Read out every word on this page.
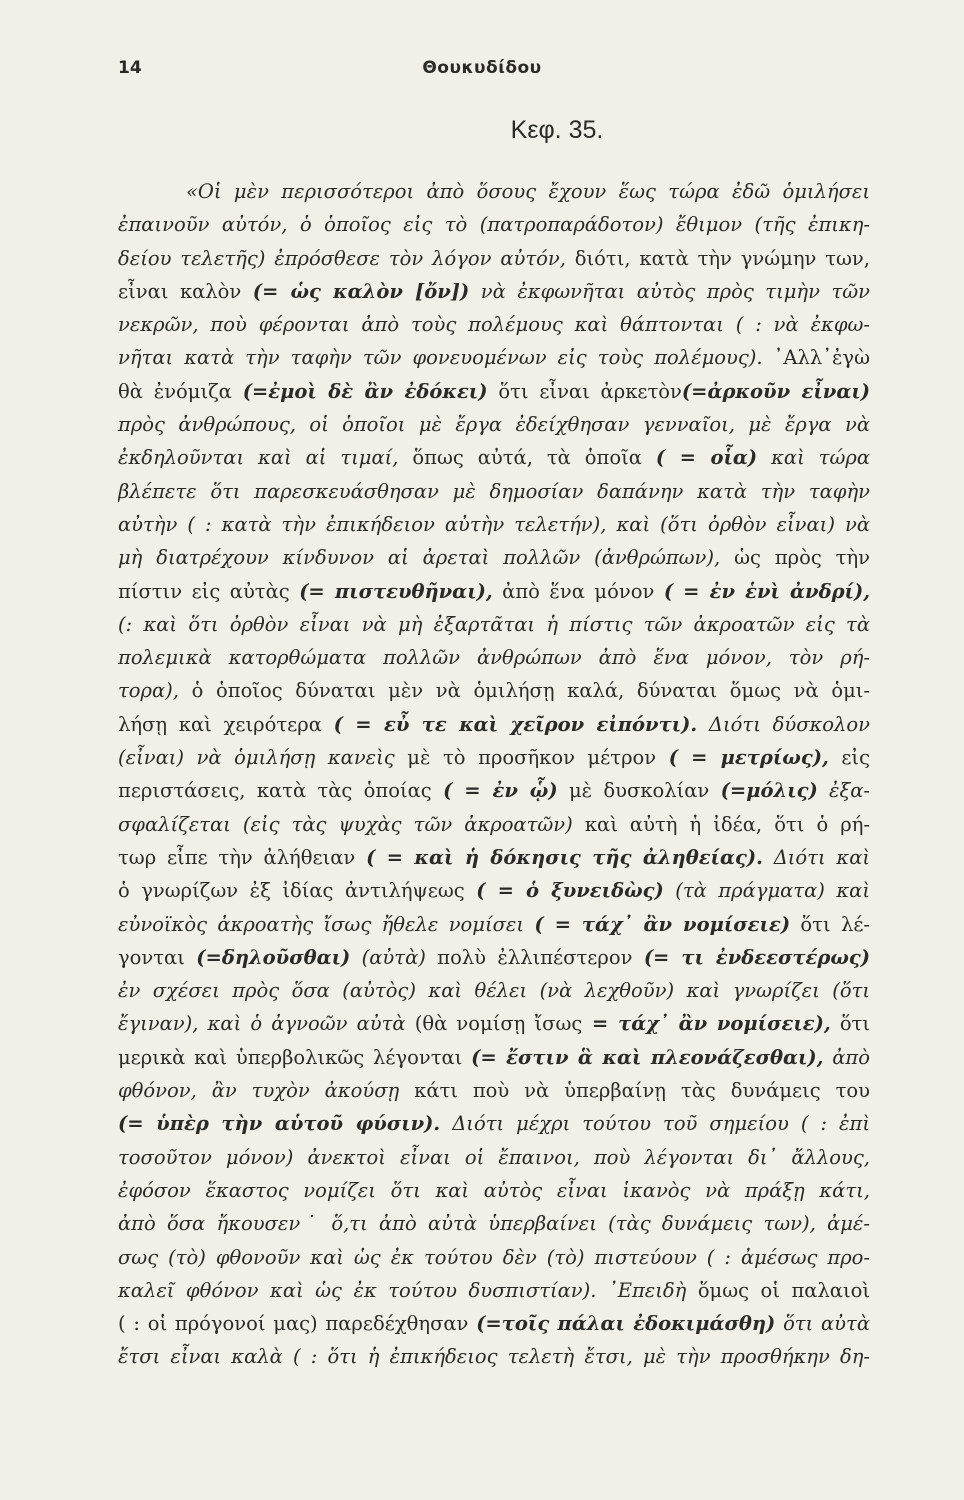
14	Θουκυδίδου
Κεφ. 35.
«Οἱ μὲν περισσότεροι ἀπὸ ὅσους ἔχουν ἕως τώρα ἐδῶ ὁμιλήσει
ἐπαινοῦν αὐτόν, ὁ ὁποῖος εἰς τὸ (πατροπαράδοτον) ἔθιμον (τῆς ἐπικη-
δείου τελετῆς) ἐπρόσθεσε τὸν λόγον αὐτόν, διότι, κατὰ τὴν γνώμην των,
εἶναι καλὸν (= ὡς καλὸν [ὄν]) νὰ ἐκφωνῆται αὐτὸς πρὸς τιμὴν τῶν
νεκρῶν, ποὺ φέρονται ἀπὸ τοὺς πολέμους καὶ θάπτονται ( : νὰ ἐκφω-
νῆται κατὰ τὴν ταφὴν τῶν φονευομένων εἰς τοὺς πολέμους). ᾿Αλλ᾿ἐγὼ
θὰ ἐνόμιζα (=ἐμοὶ δὲ ἂν ἐδόκει) ὅτι εἶναι ἀρκετὸν(=ἀρκοῦν εἶναι)
πρὸς ἀνθρώπους, οἱ ὁποῖοι μὲ ἔργα ἐδείχθησαν γενναῖοι, μὲ ἔργα νὰ
ἐκδηλοῦνται καὶ αἱ τιμαί, ὅπως αὐτά, τὰ ὁποῖα ( = οἷα) καὶ τώρα
βλέπετε ὅτι παρεσκευάσθησαν μὲ δημοσίαν δαπάνην κατὰ τὴν ταφὴν
αὐτὴν ( : κατὰ τὴν ἐπικήδειον αὐτὴν τελετήν), καὶ (ὅτι ὀρθὸν εἶναι) νὰ
μὴ διατρέχουν κίνδυνον αἱ ἀρεταὶ πολλῶν (ἀνθρώπων), ὡς πρὸς τὴν
πίστιν εἰς αὐτὰς (= πιστευθῆναι), ἀπὸ ἕνα μόνον ( = ἐν ἑνὶ ἀνδρί),
(: καὶ ὅτι ὀρθὸν εἶναι νὰ μὴ ἐξαρτᾶται ἡ πίστις τῶν ἀκροατῶν εἰς τὰ
πολεμικὰ κατορθώματα πολλῶν ἀνθρώπων ἀπὸ ἕνα μόνον, τὸν ρή-
τορα), ὁ ὁποῖος δύναται μὲν νὰ ὁμιλήσῃ καλά, δύναται ὅμως νὰ ὁμι-
λήσῃ καὶ χειρότερα ( = εὖ τε καὶ χεῖρον εἰπόντι). Διότι δύσκολον
(εἶναι) νὰ ὁμιλήσῃ κανεὶς μὲ τὸ προσῆκον μέτρον ( = μετρίως), εἰς
περιστάσεις, κατὰ τὰς ὁποίας ( = ἐν ᾧ) μὲ δυσκολίαν (=μόλις) ἐξα-
σφαλίζεται (εἰς τὰς ψυχὰς τῶν ἀκροατῶν) καὶ αὐτὴ ἡ ἰδέα, ὅτι ὁ ρή-
τωρ εἶπε τὴν ἀλήθειαν ( = καὶ ἡ δόκησις τῆς ἀληθείας). Διότι καὶ
ὁ γνωρίζων ἐξ ἰδίας ἀντιλήψεως ( = ὁ ξυνειδὼς) (τὰ πράγματα) καὶ
εὐνοϊκὸς ἀκροατὴς ἴσως ἤθελε νομίσει ( = τάχ᾿ ἂν νομίσειε) ὅτι λέ-
γονται (=δηλοῦσθαι) (αὐτὰ) πολὺ ἐλλιπέστερον (= τι ἐνδεεστέρως)
ἐν σχέσει πρὸς ὅσα (αὐτὸς) καὶ θέλει (νὰ λεχθοῦν) καὶ γνωρίζει (ὅτι
ἔγιναν), καὶ ὁ ἀγνοῶν αὐτὰ (θὰ νομίσῃ ἴσως = τάχ᾿ ἂν νομίσειε), ὅτι
μερικὰ καὶ ὑπερβολικῶς λέγονται (= ἔστιν ἃ καὶ πλεονάζεσθαι), ἀπὸ
φθόνον, ἂν τυχὸν ἀκούσῃ κάτι ποὺ νὰ ὑπερβαίνῃ τὰς δυνάμεις του
(= ὑπὲρ τὴν αὑτοῦ φύσιν). Διότι μέχρι τούτου τοῦ σημείου ( : ἐπὶ
τοσοῦτον μόνον) ἀνεκτοὶ εἶναι οἱ ἔπαινοι, ποὺ λέγονται δι᾿ ἄλλους,
ἐφόσον ἕκαστος νομίζει ὅτι καὶ αὐτὸς εἶναι ἱκανὸς νὰ πράξῃ κάτι,
ἀπὸ ὅσα ἤκουσεν˙ ὅ,τι ἀπὸ αὐτὰ ὑπερβαίνει (τὰς δυνάμεις των), ἀμέ-
σως (τὸ) φθονοῦν καὶ ὡς ἐκ τούτου δὲν (τὸ) πιστεύουν ( : ἀμέσως προ-
καλεῖ φθόνον καὶ ὡς ἐκ τούτου δυσπιστίαν). ᾿Επειδὴ ὅμως οἱ παλαιοὶ
( : οἱ πρόγονοί μας) παρεδέχθησαν (=τοῖς πάλαι ἐδοκιμάσθη) ὅτι αὐτὰ
ἔτσι εἶναι καλὰ ( : ὅτι ἡ ἐπικήδειος τελετὴ ἔτσι, μὲ τὴν προσθήκην δη-
